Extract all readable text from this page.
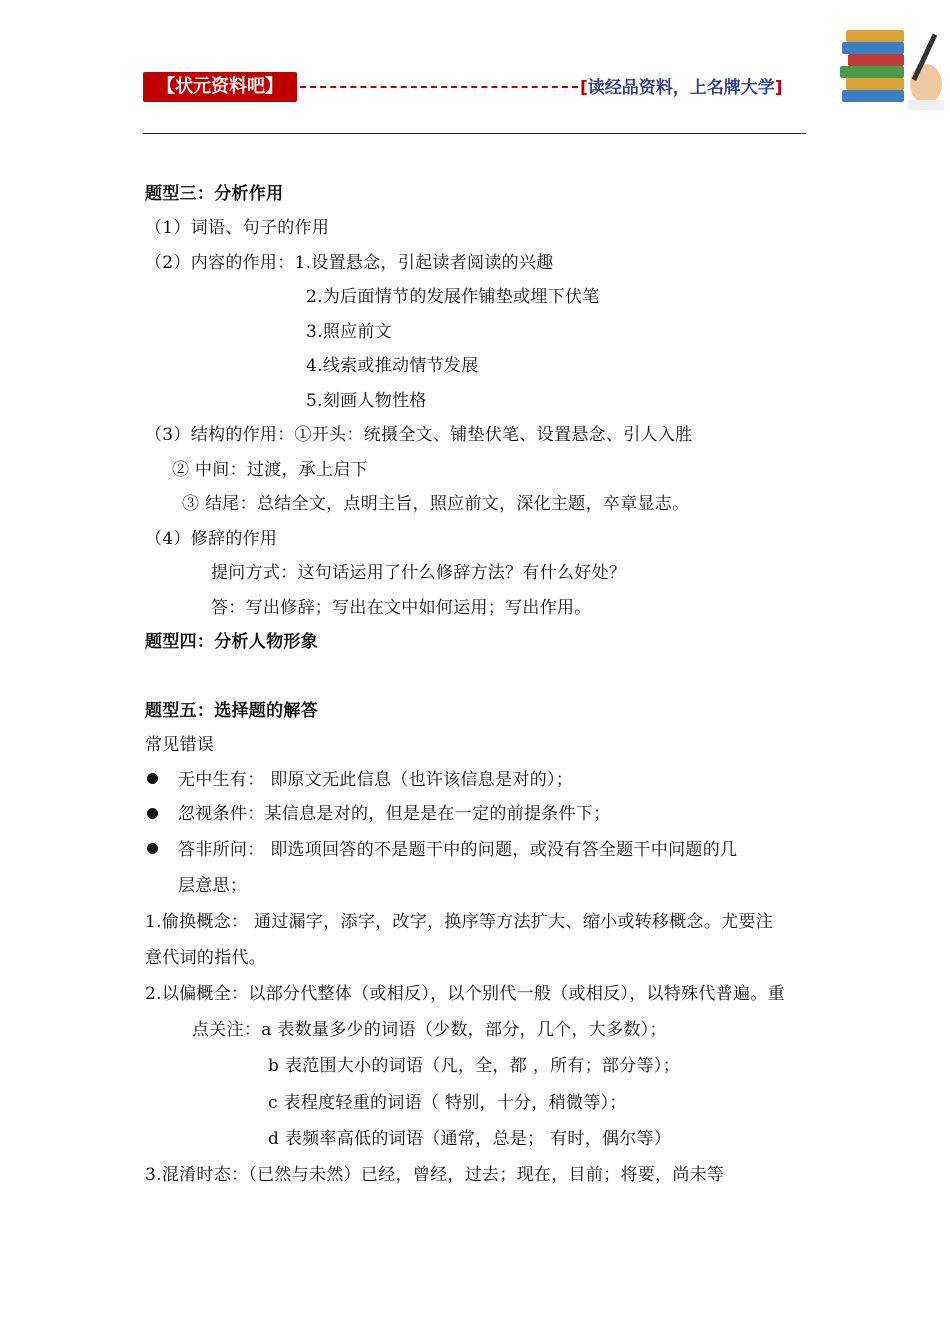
【状元资料吧】	[读经品资料，上名牌大学]
题型三：分析作用
（1）词语、句子的作用
（2）内容的作用：1.设置悬念，引起读者阅读的兴趣
2.为后面情节的发展作铺垫或埋下伏笔
3.照应前文
4.线索或推动情节发展
5.刻画人物性格
（3）结构的作用：①开头：统摄全文、铺垫伏笔、设置悬念、引人入胜
② 中间：过渡，承上启下
③ 结尾：总结全文，点明主旨，照应前文，深化主题，卒章显志。
（4）修辞的作用
提问方式：这句话运用了什么修辞方法？有什么好处？
答：写出修辞；写出在文中如何运用；写出作用。
题型四：分析人物形象
题型五：选择题的解答
常见错误
无中生有： 即原文无此信息（也许该信息是对的）；
忽视条件：某信息是对的，但是是在一定的前提条件下；
答非所问： 即选项回答的不是题干中的问题，或没有答全题干中问题的几
层意思；
1.偷换概念： 通过漏字，添字，改字，换序等方法扩大、缩小或转移概念。尤要注
意代词的指代。
2.以偏概全：以部分代整体（或相反），以个别代一般（或相反），以特殊代普遍。重
点关注：a 表数量多少的词语（少数，部分，几个，大多数）；
b 表范围大小的词语（凡，全，都 ，所有；部分等）；
c 表程度轻重的词语（ 特别，十分，稍微等）；
d 表频率高低的词语（通常，总是； 有时，偶尔等）
3.混淆时态：（已然与未然）已经，曾经，过去；现在，目前；将要，尚未等
